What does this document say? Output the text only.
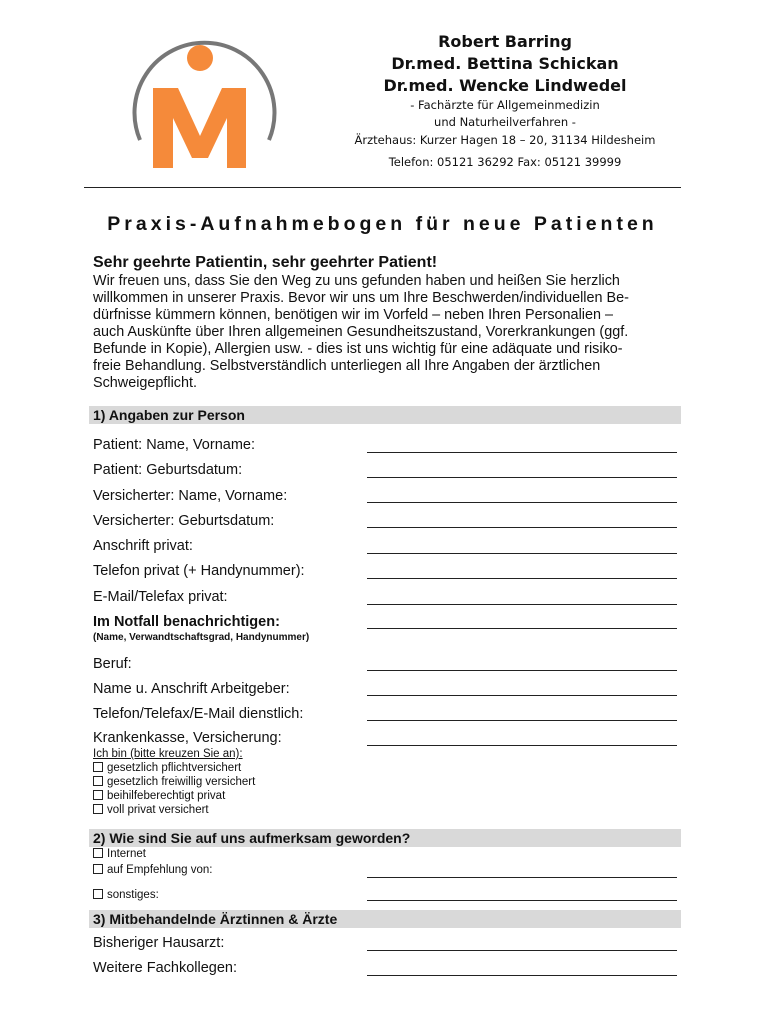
Robert Barring
Dr.med. Bettina Schickan
Dr.med. Wencke Lindwedel
- Fachärzte für Allgemeinmedizin
und Naturheilverfahren -
Ärztehaus: Kurzer Hagen 18 – 20, 31134 Hildesheim
Telefon: 05121 36292 Fax: 05121 39999
Praxis-Aufnahmebogen für neue Patienten
Sehr geehrte Patientin, sehr geehrter Patient!
Wir freuen uns, dass Sie den Weg zu uns gefunden haben und heißen Sie herzlich
willkommen in unserer Praxis. Bevor wir uns um Ihre Beschwerden/individuellen Be-
dürfnisse kümmern können, benötigen wir im Vorfeld – neben Ihren Personalien –
auch Auskünfte über Ihren allgemeinen Gesundheitszustand, Vorerkrankungen (ggf.
Befunde in Kopie), Allergien usw. - dies ist uns wichtig für eine adäquate und risiko-
freie Behandlung. Selbstverständlich unterliegen all Ihre Angaben der ärztlichen
Schweigepflicht.
1) Angaben zur Person
Patient: Name, Vorname:
Patient: Geburtsdatum:
Versicherter: Name, Vorname:
Versicherter: Geburtsdatum:
Anschrift privat:
Telefon privat (+ Handynummer):
E-Mail/Telefax privat:
Im Notfall benachrichtigen:
(Name, Verwandtschaftsgrad, Handynummer)
Beruf:
Name u. Anschrift Arbeitgeber:
Telefon/Telefax/E-Mail dienstlich:
Krankenkasse, Versicherung:
Ich bin (bitte kreuzen Sie an):
gesetzlich pflichtversichert
gesetzlich freiwillig versichert
beihilfeberechtigt privat
voll privat versichert
2) Wie sind Sie auf uns aufmerksam geworden?
Internet
auf Empfehlung von:
sonstiges:
3) Mitbehandelnde Ärztinnen & Ärzte
Bisheriger Hausarzt:
Weitere Fachkollegen:
